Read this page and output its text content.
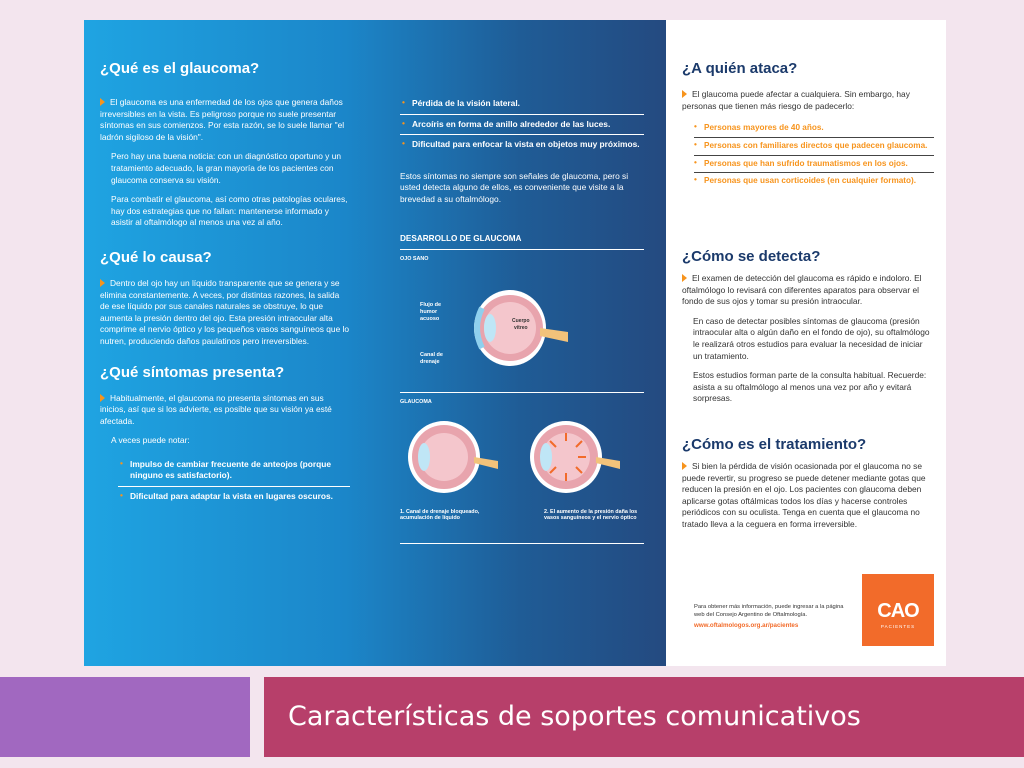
¿Qué es el glaucoma?

El glaucoma es una enfermedad de los ojos que genera daños irreversibles en la vista. Es peligroso porque no suele presentar síntomas en sus comienzos. Por esta razón, se lo suele llamar "el ladrón sigiloso de la visión".

Pero hay una buena noticia: con un diagnóstico oportuno y un tratamiento adecuado, la gran mayoría de los pacientes con glaucoma conserva su visión.

Para combatir el glaucoma, así como otras patologías oculares, hay dos estrategias que no fallan: mantenerse informado y asistir al oftalmólogo al menos una vez al año.

¿Qué lo causa?

Dentro del ojo hay un líquido transparente que se genera y se elimina constantemente. A veces, por distintas razones, la salida de ese líquido por sus canales naturales se obstruye, lo que aumenta la presión dentro del ojo. Esta presión intraocular alta comprime el nervio óptico y los pequeños vasos sanguíneos que lo nutren, produciendo daños paulatinos pero irreversibles.

¿Qué síntomas presenta?

Habitualmente, el glaucoma no presenta síntomas en sus inicios, así que si los advierte, es posible que su visión ya esté afectada.

A veces puede notar:

• Impulso de cambiar frecuente de anteojos (porque ninguno es satisfactorio).
• Dificultad para adaptar la vista en lugares oscuros.
• Pérdida de la visión lateral.
• Arcoíris en forma de anillo alrededor de las luces.
• Dificultad para enfocar la vista en objetos muy próximos.

Estos síntomas no siempre son señales de glaucoma, pero si usted detecta alguno de ellos, es conveniente que visite a la brevedad a su oftalmólogo.

DESARROLLO DE GLAUCOMA
OJO SANO
Flujo de
humor
acuoso	Cuerpo
vítreo
Canal de
drenaje
GLAUCOMA
1. Canal de drenaje bloqueado, acumulación de líquido
2. El aumento de la presión daña los vasos sanguíneos y el nervio óptico
¿A quién ataca?

El glaucoma puede afectar a cualquiera. Sin embargo, hay personas que tienen más riesgo de padecerlo:

• Personas mayores de 40 años.
• Personas con familiares directos que padecen glaucoma.
• Personas que han sufrido traumatismos en los ojos.
• Personas que usan corticoides (en cualquier formato).
¿Cómo se detecta?

El examen de detección del glaucoma es rápido e indoloro. El oftalmólogo lo revisará con diferentes aparatos para observar el fondo de sus ojos y tomar su presión intraocular.

En caso de detectar posibles síntomas de glaucoma (presión intraocular alta o algún daño en el fondo de ojo), su oftalmólogo le realizará otros estudios para evaluar la necesidad de iniciar un tratamiento.

Estos estudios forman parte de la consulta habitual. Recuerde: asista a su oftalmólogo al menos una vez por año y evitará sorpresas.

¿Cómo es el tratamiento?

Si bien la pérdida de visión ocasionada por el glaucoma no se puede revertir, su progreso se puede detener mediante gotas que reducen la presión en el ojo. Los pacientes con glaucoma deben aplicarse gotas oftálmicas todos los días y hacerse controles periódicos con su oculista. Tenga en cuenta que el glaucoma no tratado lleva a la ceguera en forma irreversible.

Para obtener más información, puede ingresar a la página web del Consejo Argentino de Oftalmología.
www.oftalmologos.org.ar/pacientes
CAO
PACIENTES
Características de soportes comunicativos
